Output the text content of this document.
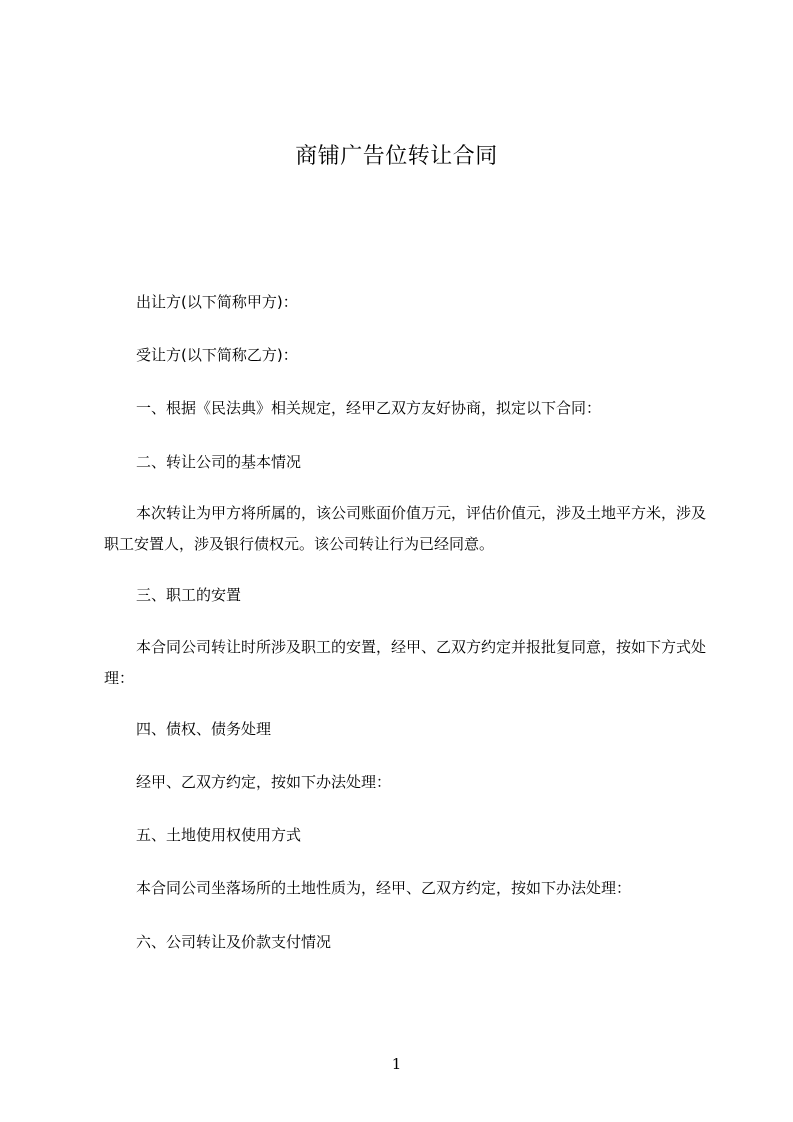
商铺广告位转让合同

出让方(以下简称甲方)：

受让方(以下简称乙方)：

一、根据《民法典》相关规定，经甲乙双方友好协商，拟定以下合同：

二、转让公司的基本情况

本次转让为甲方将所属的，该公司账面价值万元，评估价值元，涉及土地平方米，涉及职工安置人，涉及银行债权元。该公司转让行为已经同意。

三、职工的安置

本合同公司转让时所涉及职工的安置，经甲、乙双方约定并报批复同意，按如下方式处理：

四、债权、债务处理

经甲、乙双方约定，按如下办法处理：

五、土地使用权使用方式

本合同公司坐落场所的土地性质为，经甲、乙双方约定，按如下办法处理：

六、公司转让及价款支付情况

1
